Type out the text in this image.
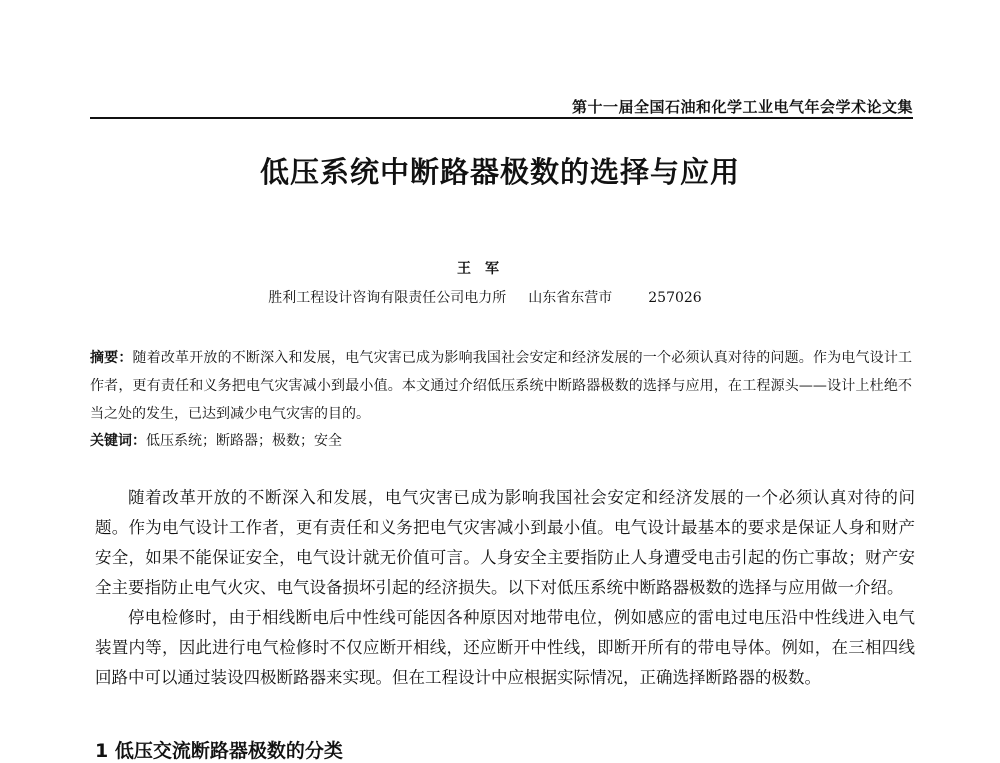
第十一届全国石油和化学工业电气年会学术论文集
低压系统中断路器极数的选择与应用
王军
胜利工程设计咨询有限责任公司电力所 山东省东营市	257026
摘要：随着改革开放的不断深入和发展，电气灾害已成为影响我国社会安定和经济发展的一个必须认真对待的问题。作为电气设计工作者，更有责任和义务把电气灾害减小到最小值。本文通过介绍低压系统中断路器极数的选择与应用，在工程源头——设计上杜绝不当之处的发生，已达到减少电气灾害的目的。
关键词：低压系统；断路器；极数；安全

随着改革开放的不断深入和发展，电气灾害已成为影响我国社会安定和经济发展的一个必须认真对待的问题。作为电气设计工作者，更有责任和义务把电气灾害减小到最小值。电气设计最基本的要求是保证人身和财产安全，如果不能保证安全，电气设计就无价值可言。人身安全主要指防止人身遭受电击引起的伤亡事故；财产安全主要指防止电气火灾、电气设备损坏引起的经济损失。以下对低压系统中断路器极数的选择与应用做一介绍。

停电检修时，由于相线断电后中性线可能因各种原因对地带电位，例如感应的雷电过电压沿中性线进入电气装置内等，因此进行电气检修时不仅应断开相线，还应断开中性线，即断开所有的带电导体。例如，在三相四线回路中可以通过装设四极断路器来实现。但在工程设计中应根据实际情况，正确选择断路器的极数。

1 低压交流断路器极数的分类
